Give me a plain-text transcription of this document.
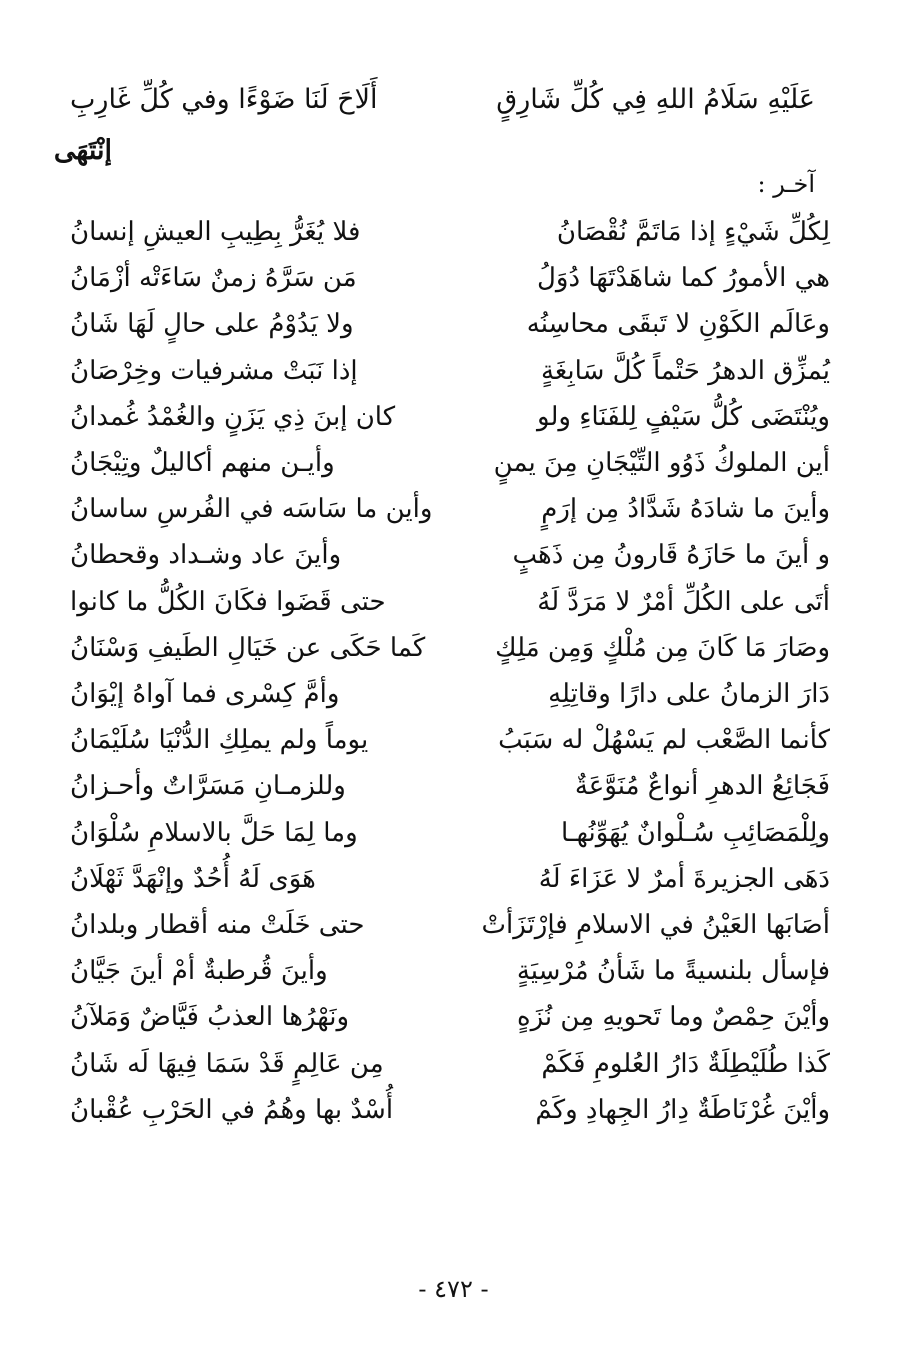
عَلَيْهِ سَلَامُ اللهِ فِي كُلِّ شَارِقٍ
أَلَاحَ لَنَا ضَوْءًا وفي كُلِّ غَارِبِ
إنْتَهَى
آخـر :
لِكُلِّ شَيْءٍ إذا مَاتَمَّ نُقْصَانُ
فلا يُغَرُّ بِطِيبِ العيشِ إنسانُ
هي الأمورُ كما شاهَدْتَهَا دُوَلُ
مَن سَرَّهُ زمنٌ سَاءَتْه أزْمَانُ
وعَالَم الكَوْنِ لا تَبقَى محاسِنُه
ولا يَدُوْمُ على حالٍ لَهَا شَانُ
يُمزِّق الدهرُ حَتْماً كُلَّ سَابِغَةٍ
إذا نَبَتْ مشرفيات وخِرْصَانُ
ويُنْتَضَى كُلُّ سَيْفٍ لِلفَنَاءِ ولو
كان إبنَ ذِي يَزَنٍ والغُمْدُ غُمدانُ
أين الملوكُ ذَوُو التِّيْجَانِ مِنَ يمنٍ
وأيـن منهم أكاليلٌ وتِيْجَانُ
وأينَ ما شادَهُ شَدَّادُ مِن إرَمٍ
وأين ما سَاسَه في الفُرسِ ساسانُ
و أينَ ما حَازَهُ قَارونُ مِن ذَهَبٍ
وأينَ عاد وشـداد وقحطانُ
أتَى على الكُلِّ أمْرٌ لا مَرَدَّ لَهُ
حتى قَضَوا فكَانَ الكُلُّ ما كانوا
وصَارَ مَا كَانَ مِن مُلْكٍ وَمِن مَلِكٍ
كَما حَكَى عن خَيَالِ الطَيفِ وَسْنَانُ
دَارَ الزمانُ على دارًا وقاتِلِهِ
وأمَّ كِسْرى فما آواهُ إيْوَانُ
كأنما الصَّعْب لم يَسْهُلْ له سَبَبُ
يوماً ولم يملِكِ الدُّنْيَا سُلَيْمَانُ
فَجَائِعُ الدهرِ أنواعٌ مُنَوَّعَةٌ
وللزمـانِ مَسَرَّاتٌ وأحـزانُ
ولِلْمَصَائِبِ سُـلْوانٌ يُهَوِّنُهـا
وما لِمَا حَلَّ بالاسلامِ سُلْوَانُ
دَهَى الجزيرةَ أمرٌ لا عَزَاءَ لَهُ
هَوَى لَهُ أُحُدٌ وإنْهَدَّ ثَهْلَانُ
أصَابَها العَيْنُ في الاسلامِ فإرْتَزَأتْ
حتى خَلَتْ منه أقطار وبلدانُ
فإسأل بلنسيةً ما شَأنُ مُرْسِيَةٍ
وأينَ قُرطبةٌ أمْ أينَ جَيَّانُ
وأيْنَ حِمْصٌ وما تَحويهِ مِن نُزَهٍ
ونَهْرُها العذبُ فَيَّاضٌ وَمَلآنُ
كَذا طُلَيْطِلَةٌ دَارُ العُلومِ فَكَمْ
مِن عَالِمٍ قَدْ سَمَا فِيهَا لَه شَانُ
وأيْنَ غُرْنَاطَةٌ دِارُ الجِهادِ وكَمْ
أُسْدٌ بها وهُمُ في الحَرْبِ عُقْبانُ
- ٤٧٢ -
